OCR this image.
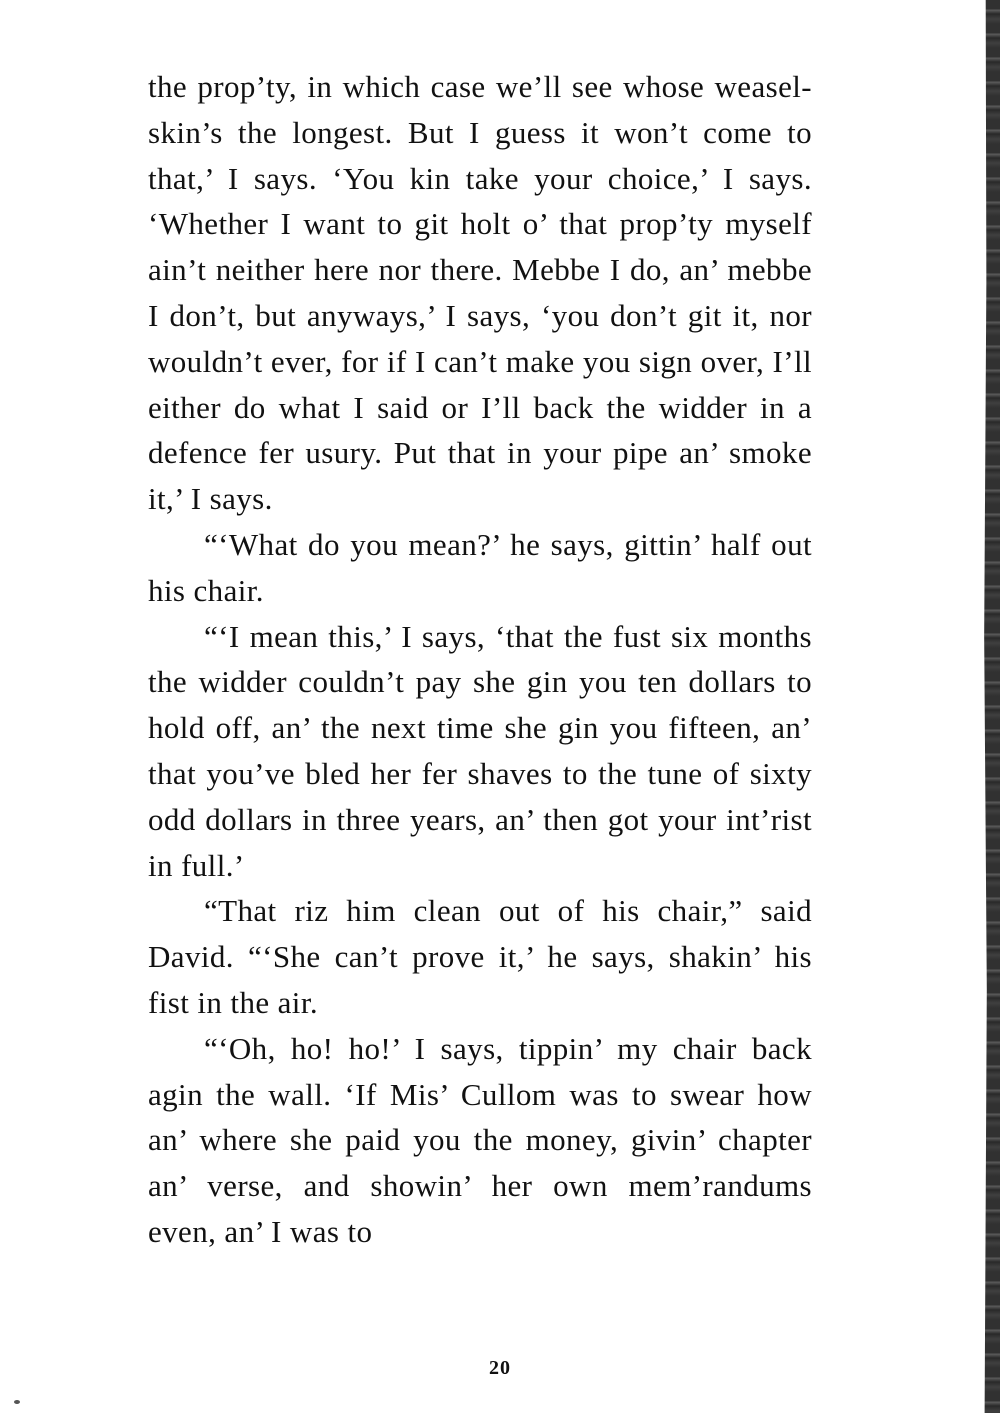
the prop’ty, in which case we’ll see whose weasel-skin’s the longest. But I guess it won’t come to that,’ I says. ‘You kin take your choice,’ I says. ‘Whether I want to git holt o’ that prop’ty myself ain’t neither here nor there. Mebbe I do, an’ mebbe I don’t, but anyways,’ I says, ‘you don’t git it, nor wouldn’t ever, for if I can’t make you sign over, I’ll either do what I said or I’ll back the widder in a defence fer usury. Put that in your pipe an’ smoke it,’ I says.

“‘What do you mean?’ he says, gittin’ half out his chair.

“‘I mean this,’ I says, ‘that the fust six months the widder couldn’t pay she gin you ten dollars to hold off, an’ the next time she gin you fifteen, an’ that you’ve bled her fer shaves to the tune of sixty odd dollars in three years, an’ then got your int’rist in full.’

“That riz him clean out of his chair,” said David. “‘She can’t prove it,’ he says, shakin’ his fist in the air.

“‘Oh, ho! ho!’ I says, tippin’ my chair back agin the wall. ‘If Mis’ Cullom was to swear how an’ where she paid you the money, givin’ chapter an’ verse, and showin’ her own mem’randums even, an’ I was to

20
